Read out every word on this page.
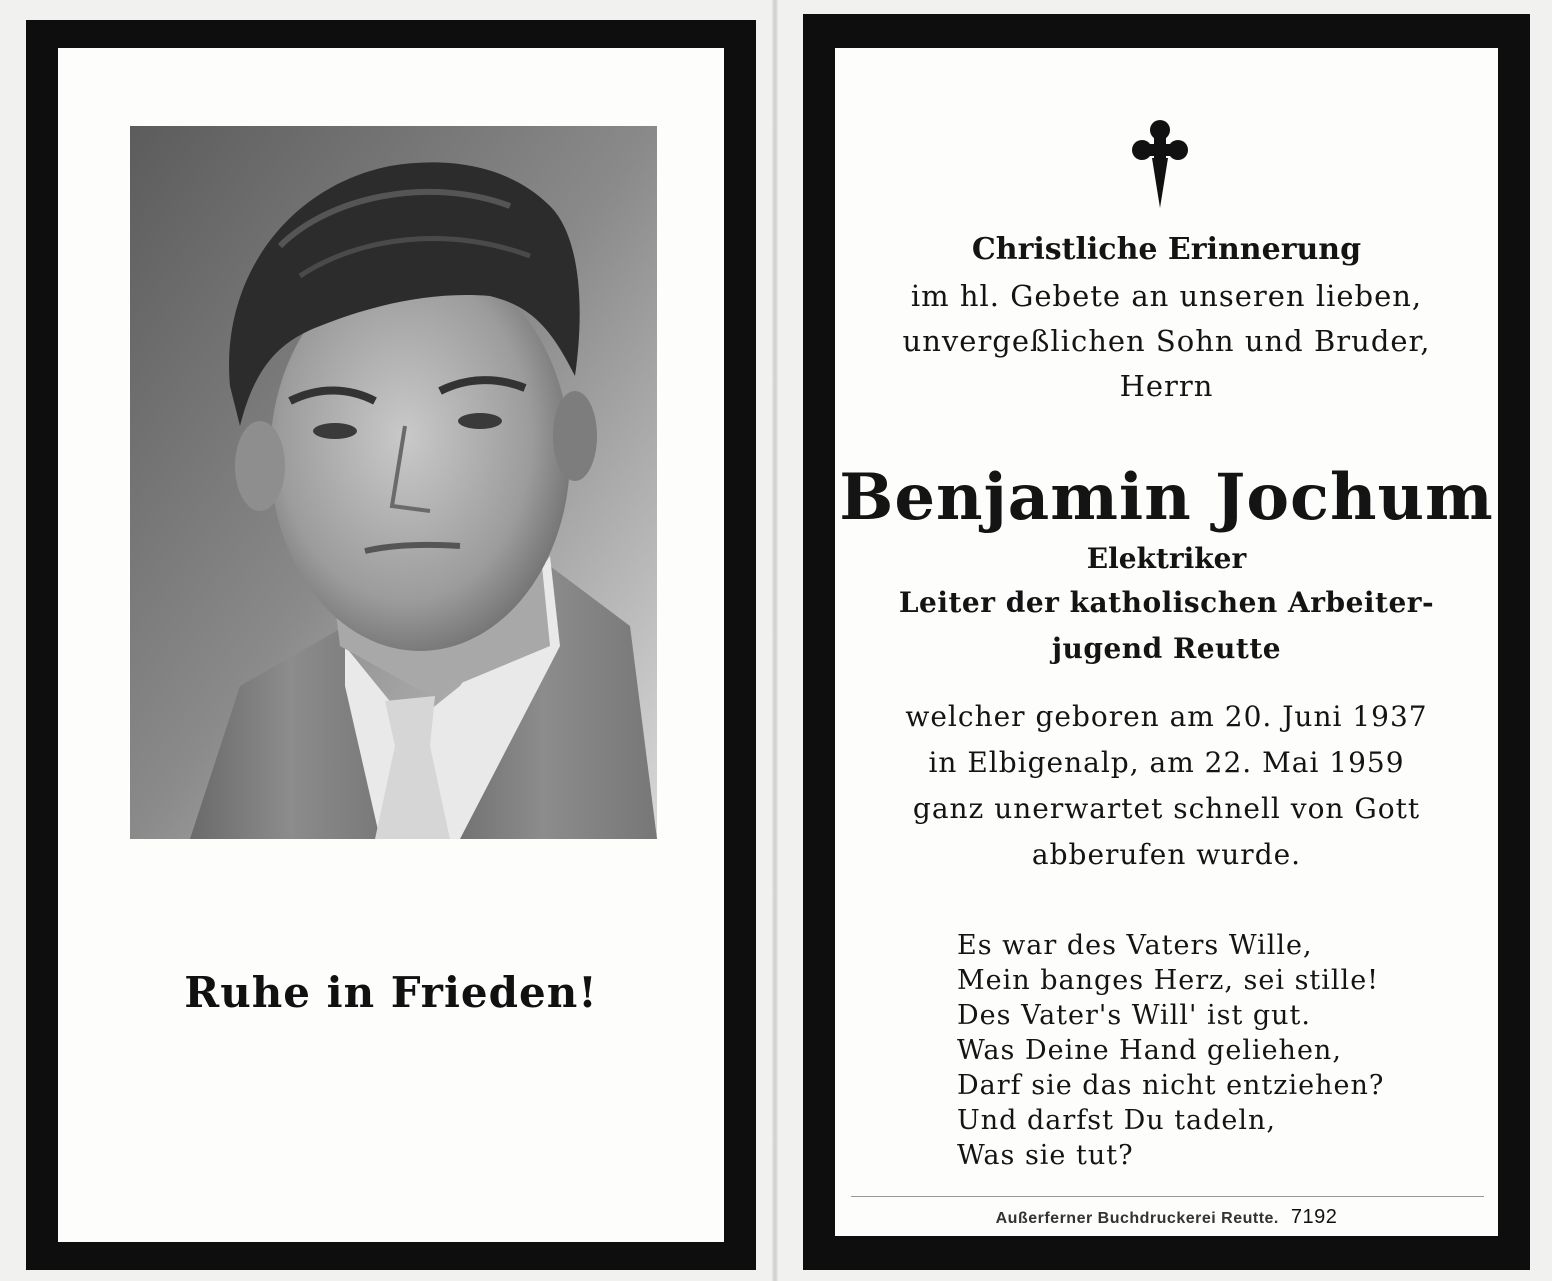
Ruhe in Frieden!
Christliche Erinnerung
im hl. Gebete an unseren lieben,
unvergeßlichen Sohn und Bruder,
Herrn
Benjamin Jochum
Elektriker
Leiter der katholischen Arbeiter-
jugend Reutte
welcher geboren am 20. Juni 1937
in Elbigenalp, am 22. Mai 1959
ganz unerwartet schnell von Gott
abberufen wurde.
Es war des Vaters Wille,
Mein banges Herz, sei stille!
Des Vater's Will' ist gut.
Was Deine Hand geliehen,
Darf sie das nicht entziehen?
Und darfst Du tadeln,
Was sie tut?
Außerferner Buchdruckerei Reutte. 7192
